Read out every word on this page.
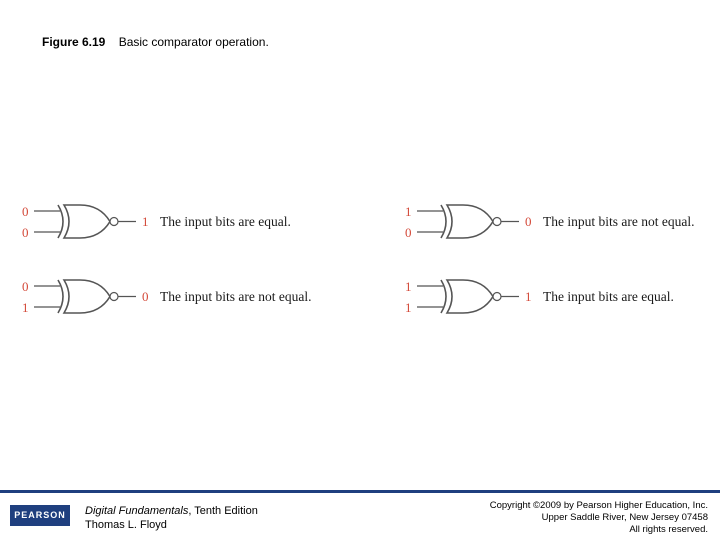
Figure 6.19 Basic comparator operation.
0
0
1 The input bits are equal.
1
0
0 The input bits are not equal.
0
1
0 The input bits are not equal.
1
1
1 The input bits are equal.
PEARSON	Digital Fundamentals, Tenth Edition
Thomas L. Floyd
Copyright ©2009 by Pearson Higher Education, Inc.
Upper Saddle River, New Jersey 07458
All rights reserved.
